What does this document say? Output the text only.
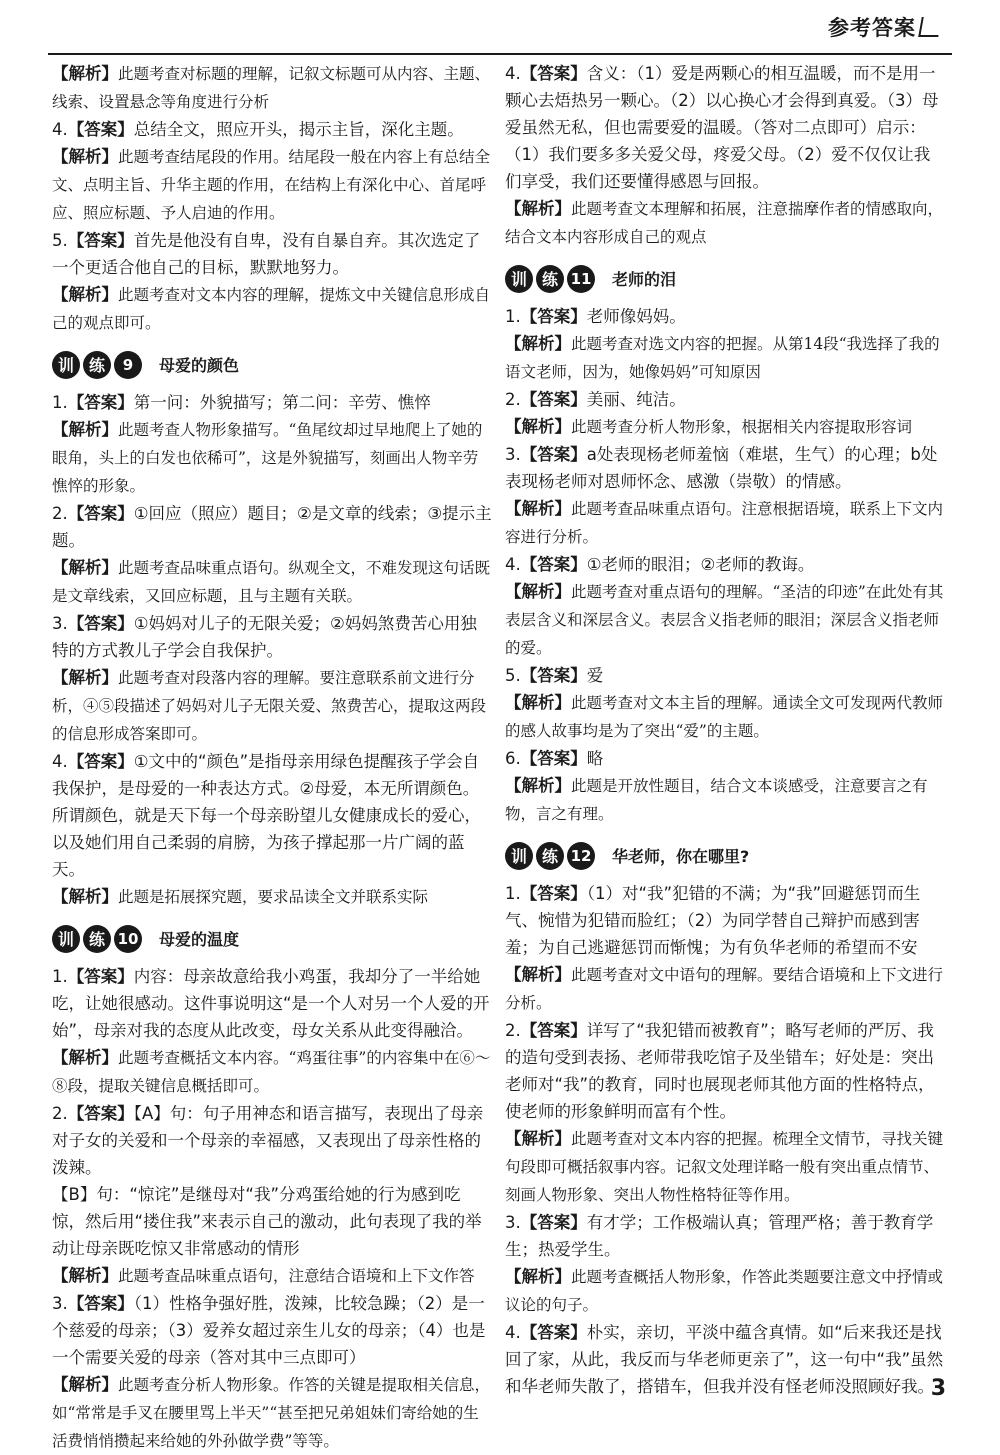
参考答案

【解析】此题考查对标题的理解，记叙文标题可从内容、主题、线索、设置悬念等角度进行分析

4.【答案】总结全文，照应开头，揭示主旨，深化主题。

【解析】此题考查结尾段的作用。结尾段一般在内容上有总结全文、点明主旨、升华主题的作用，在结构上有深化中心、首尾呼应、照应标题、予人启迪的作用。

5.【答案】首先是他没有自卑，没有自暴自弃。其次选定了一个更适合他自己的目标，默默地努力。

【解析】此题考查对文本内容的理解，提炼文中关键信息形成自己的观点即可。

训 练	9	母爱的颜色

1.【答案】第一问：外貌描写；第二问：辛劳、憔悴

【解析】此题考查人物形象描写。“鱼尾纹却过早地爬上了她的眼角，头上的白发也依稀可”，这是外貌描写，刻画出人物辛劳憔悴的形象。

2.【答案】①回应（照应）题目；②是文章的线索；③提示主题。

【解析】此题考查品味重点语句。纵观全文，不难发现这句话既是文章线索，又回应标题，且与主题有关联。

3.【答案】①妈妈对儿子的无限关爱；②妈妈煞费苦心用独特的方式教儿子学会自我保护。

【解析】此题考查对段落内容的理解。要注意联系前文进行分析，④⑤段描述了妈妈对儿子无限关爱、煞费苦心，提取这两段的信息形成答案即可。

4.【答案】①文中的“颜色”是指母亲用绿色提醒孩子学会自我保护，是母爱的一种表达方式。②母爱，本无所谓颜色。所谓颜色，就是天下每一个母亲盼望儿女健康成长的爱心，以及她们用自己柔弱的肩膀，为孩子撑起那一片广阔的蓝天。

【解析】此题是拓展探究题，要求品读全文并联系实际

训 练 10 母爱的温度

1.【答案】内容：母亲故意给我小鸡蛋，我却分了一半给她吃，让她很感动。这件事说明这“是一个人对另一个人爱的开始”，母亲对我的态度从此改变，母女关系从此变得融洽。

【解析】此题考查概括文本内容。“鸡蛋往事”的内容集中在⑥～⑧段，提取关键信息概括即可。

2.【答案】【A】句：句子用神态和语言描写，表现出了母亲对子女的关爱和一个母亲的幸福感，又表现出了母亲性格的泼辣。

【B】句：“惊诧”是继母对“我”分鸡蛋给她的行为感到吃惊，然后用“搂住我”来表示自己的激动，此句表现了我的举动让母亲既吃惊又非常感动的情形

【解析】此题考查品味重点语句，注意结合语境和上下文作答

3.【答案】（1）性格争强好胜，泼辣，比较急躁；（2）是一个慈爱的母亲；（3）爱养女超过亲生儿女的母亲；（4）也是一个需要关爱的母亲（答对其中三点即可）

【解析】此题考查分析人物形象。作答的关键是提取相关信息，如“常常是手叉在腰里骂上半天”“甚至把兄弟姐妹们寄给她的生活费悄悄攒起来给她的外孙做学费”等等。

4.【答案】含义：（1）爱是两颗心的相互温暖，而不是用一颗心去焐热另一颗心。（2）以心换心才会得到真爱。（3）母爱虽然无私，但也需要爱的温暖。（答对二点即可）启示：（1）我们要多多关爱父母，疼爱父母。（2）爱不仅仅让我们享受，我们还要懂得感恩与回报。

【解析】此题考查文本理解和拓展，注意揣摩作者的情感取向，结合文本内容形成自己的观点

训 练 11 老师的泪

1.【答案】老师像妈妈。

【解析】此题考查对选文内容的把握。从第14段“我选择了我的语文老师，因为，她像妈妈”可知原因

2.【答案】美丽、纯洁。

【解析】此题考查分析人物形象，根据相关内容提取形容词

3.【答案】a处表现杨老师羞恼（难堪，生气）的心理；b处表现杨老师对恩师怀念、感激（崇敬）的情感。

【解析】此题考查品味重点语句。注意根据语境，联系上下文内容进行分析。

4.【答案】①老师的眼泪；②老师的教诲。

【解析】此题考查对重点语句的理解。“圣洁的印迹”在此处有其表层含义和深层含义。表层含义指老师的眼泪；深层含义指老师的爱。

5.【答案】爱

【解析】此题考查对文本主旨的理解。通读全文可发现两代教师的感人故事均是为了突出“爱”的主题。

6.【答案】略

【解析】此题是开放性题目，结合文本谈感受，注意要言之有物，言之有理。

训 练 12 华老师，你在哪里?

1.【答案】（1）对“我”犯错的不满；为“我”回避惩罚而生气、惋惜为犯错而脸红；（2）为同学替自己辩护而感到害羞；为自己逃避惩罚而惭愧；为有负华老师的希望而不安

【解析】此题考查对文中语句的理解。要结合语境和上下文进行分析。

2.【答案】详写了“我犯错而被教育”；略写老师的严厉、我的造句受到表扬、老师带我吃馆子及坐错车；好处是：突出老师对“我”的教育，同时也展现老师其他方面的性格特点，使老师的形象鲜明而富有个性。

【解析】此题考查对文本内容的把握。梳理全文情节，寻找关键句段即可概括叙事内容。记叙文处理详略一般有突出重点情节、刻画人物形象、突出人物性格特征等作用。

3.【答案】有才学；工作极端认真；管理严格；善于教育学生；热爱学生。

【解析】此题考查概括人物形象，作答此类题要注意文中抒情或议论的句子。

4.【答案】朴实，亲切，平淡中蕴含真情。如“后来我还是找回了家，从此，我反而与华老师更亲了”，这一句中“我”虽然和华老师失散了，搭错车，但我并没有怪老师没照顾好我。

3
